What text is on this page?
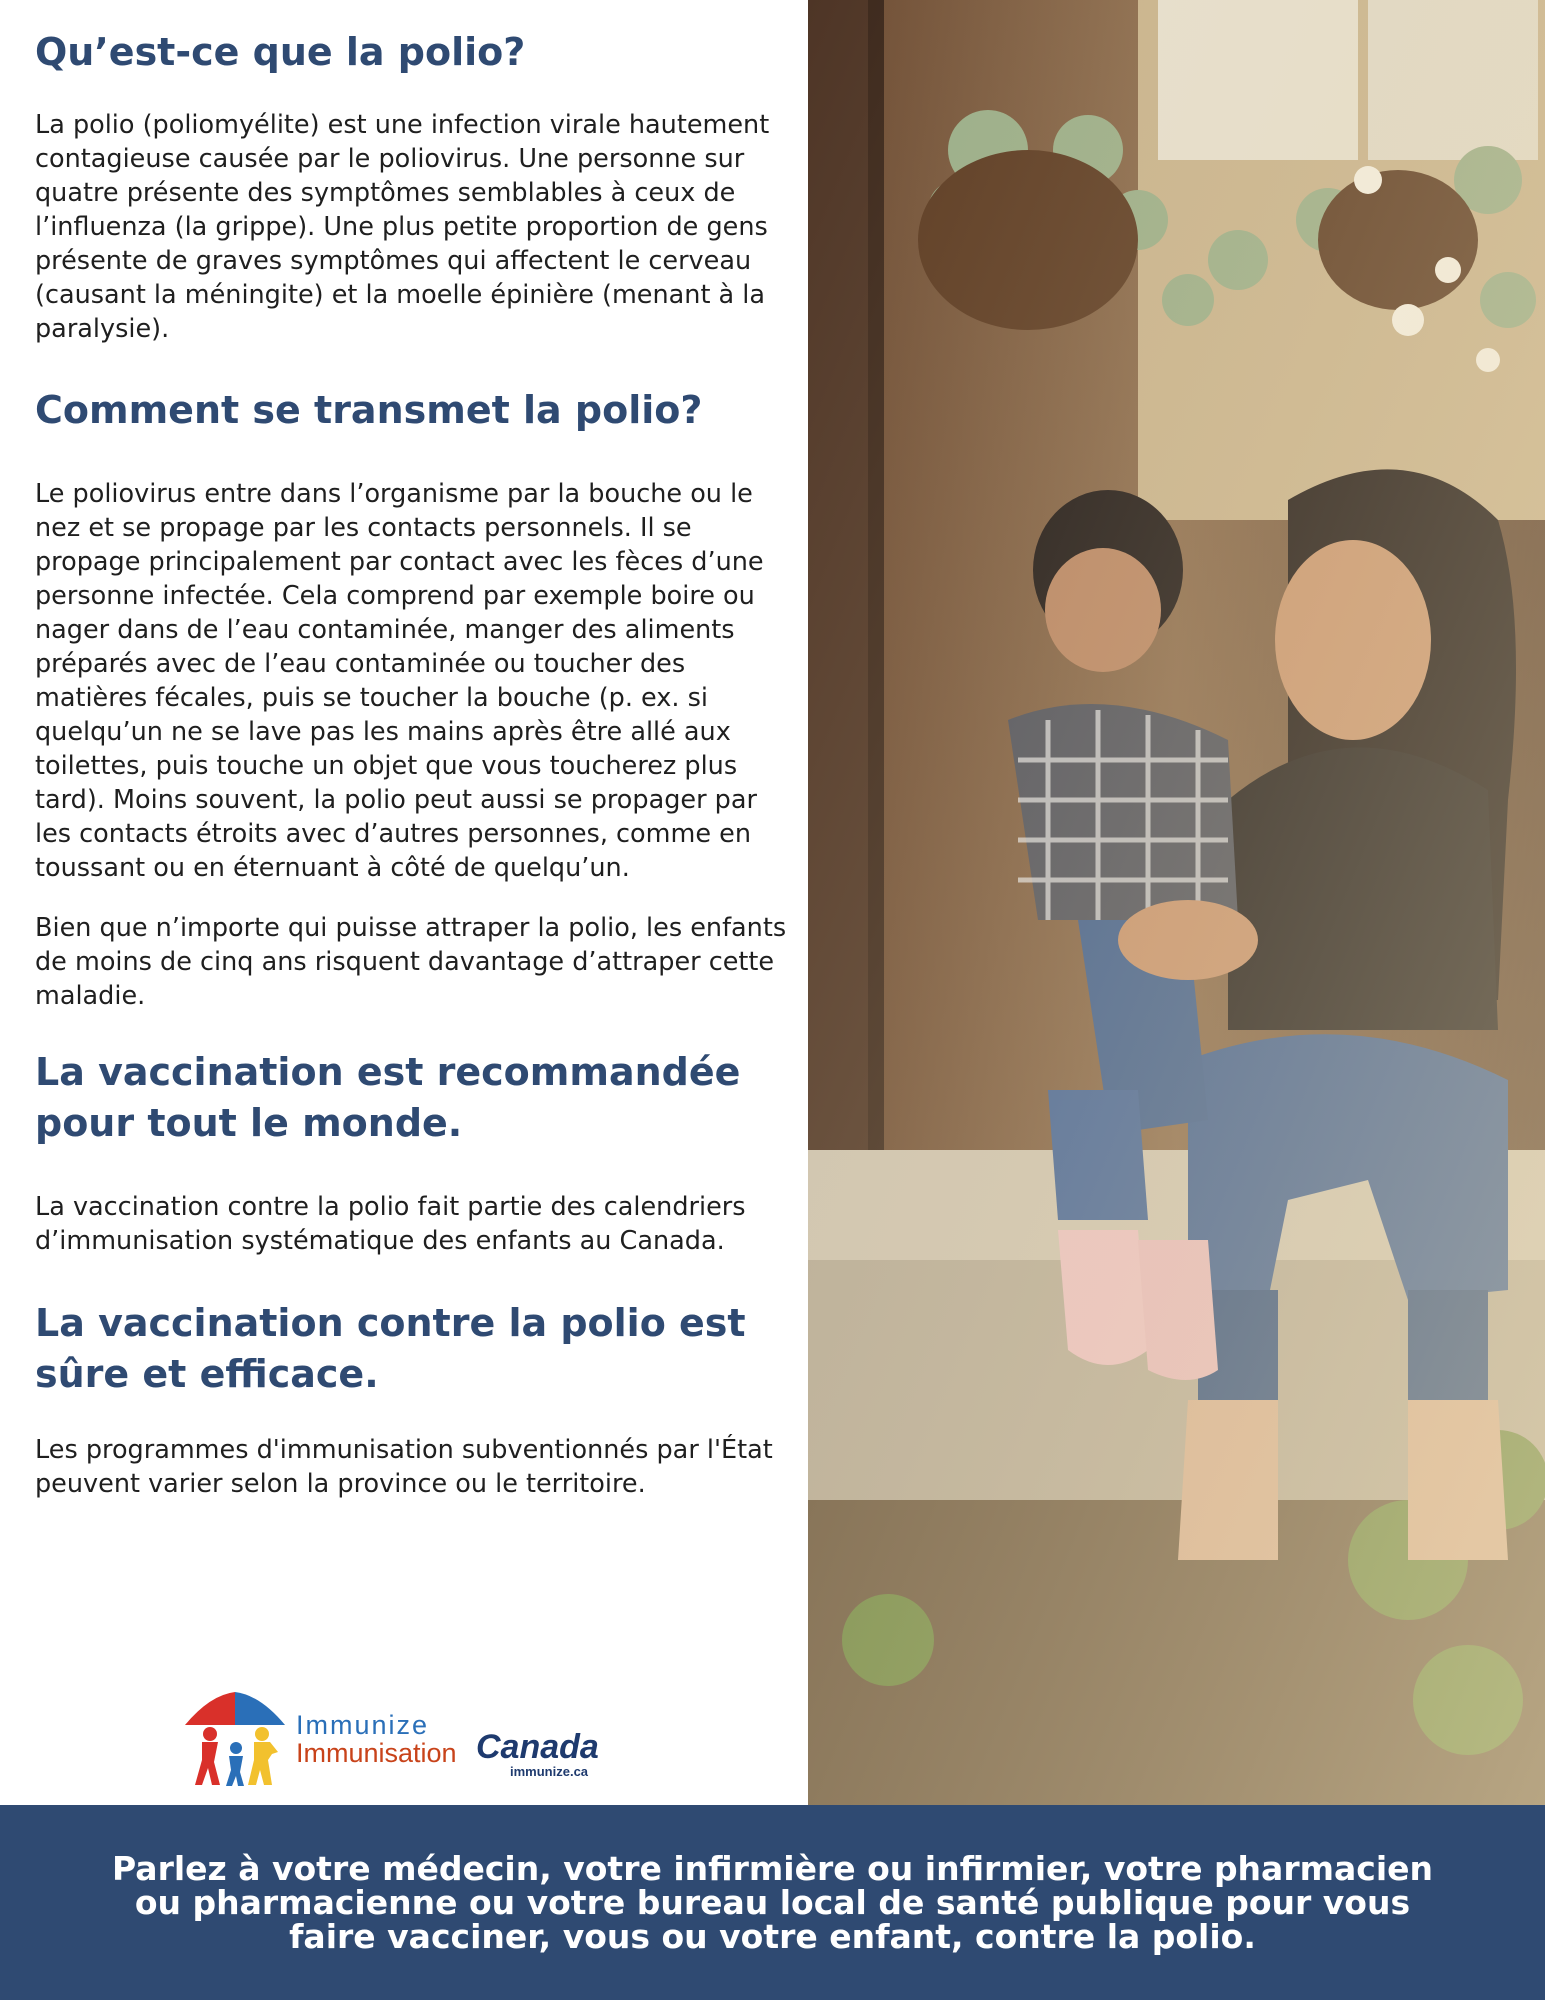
Qu’est-ce que la polio?

La polio (poliomyélite) est une infection virale hautement contagieuse causée par le poliovirus. Une personne sur quatre présente des symptômes semblables à ceux de l’influenza (la grippe). Une plus petite proportion de gens présente de graves symptômes qui affectent le cerveau (causant la méningite) et la moelle épinière (menant à la paralysie).

Comment se transmet la polio?

Le poliovirus entre dans l’organisme par la bouche ou le nez et se propage par les contacts personnels. Il se propage principalement par contact avec les fèces d’une personne infectée. Cela comprend par exemple boire ou nager dans de l’eau contaminée, manger des aliments préparés avec de l’eau contaminée ou toucher des matières fécales, puis se toucher la bouche (p. ex. si quelqu’un ne se lave pas les mains après être allé aux toilettes, puis touche un objet que vous toucherez plus tard). Moins souvent, la polio peut aussi se propager par les contacts étroits avec d’autres personnes, comme en toussant ou en éternuant à côté de quelqu’un.

Bien que n’importe qui puisse attraper la polio, les enfants de moins de cinq ans risquent davantage d’attraper cette maladie.

La vaccination est recommandée pour tout le monde.

La vaccination contre la polio fait partie des calendriers d’immunisation systématique des enfants au Canada.

La vaccination contre la polio est sûre et efficace.

Les programmes d'immunisation subventionnés par l'État peuvent varier selon la province ou le territoire.

Immunize
Immunisation Canada
immunize.ca

Parlez à votre médecin, votre infirmière ou infirmier, votre pharmacien ou pharmacienne ou votre bureau local de santé publique pour vous faire vacciner, vous ou votre enfant, contre la polio.
